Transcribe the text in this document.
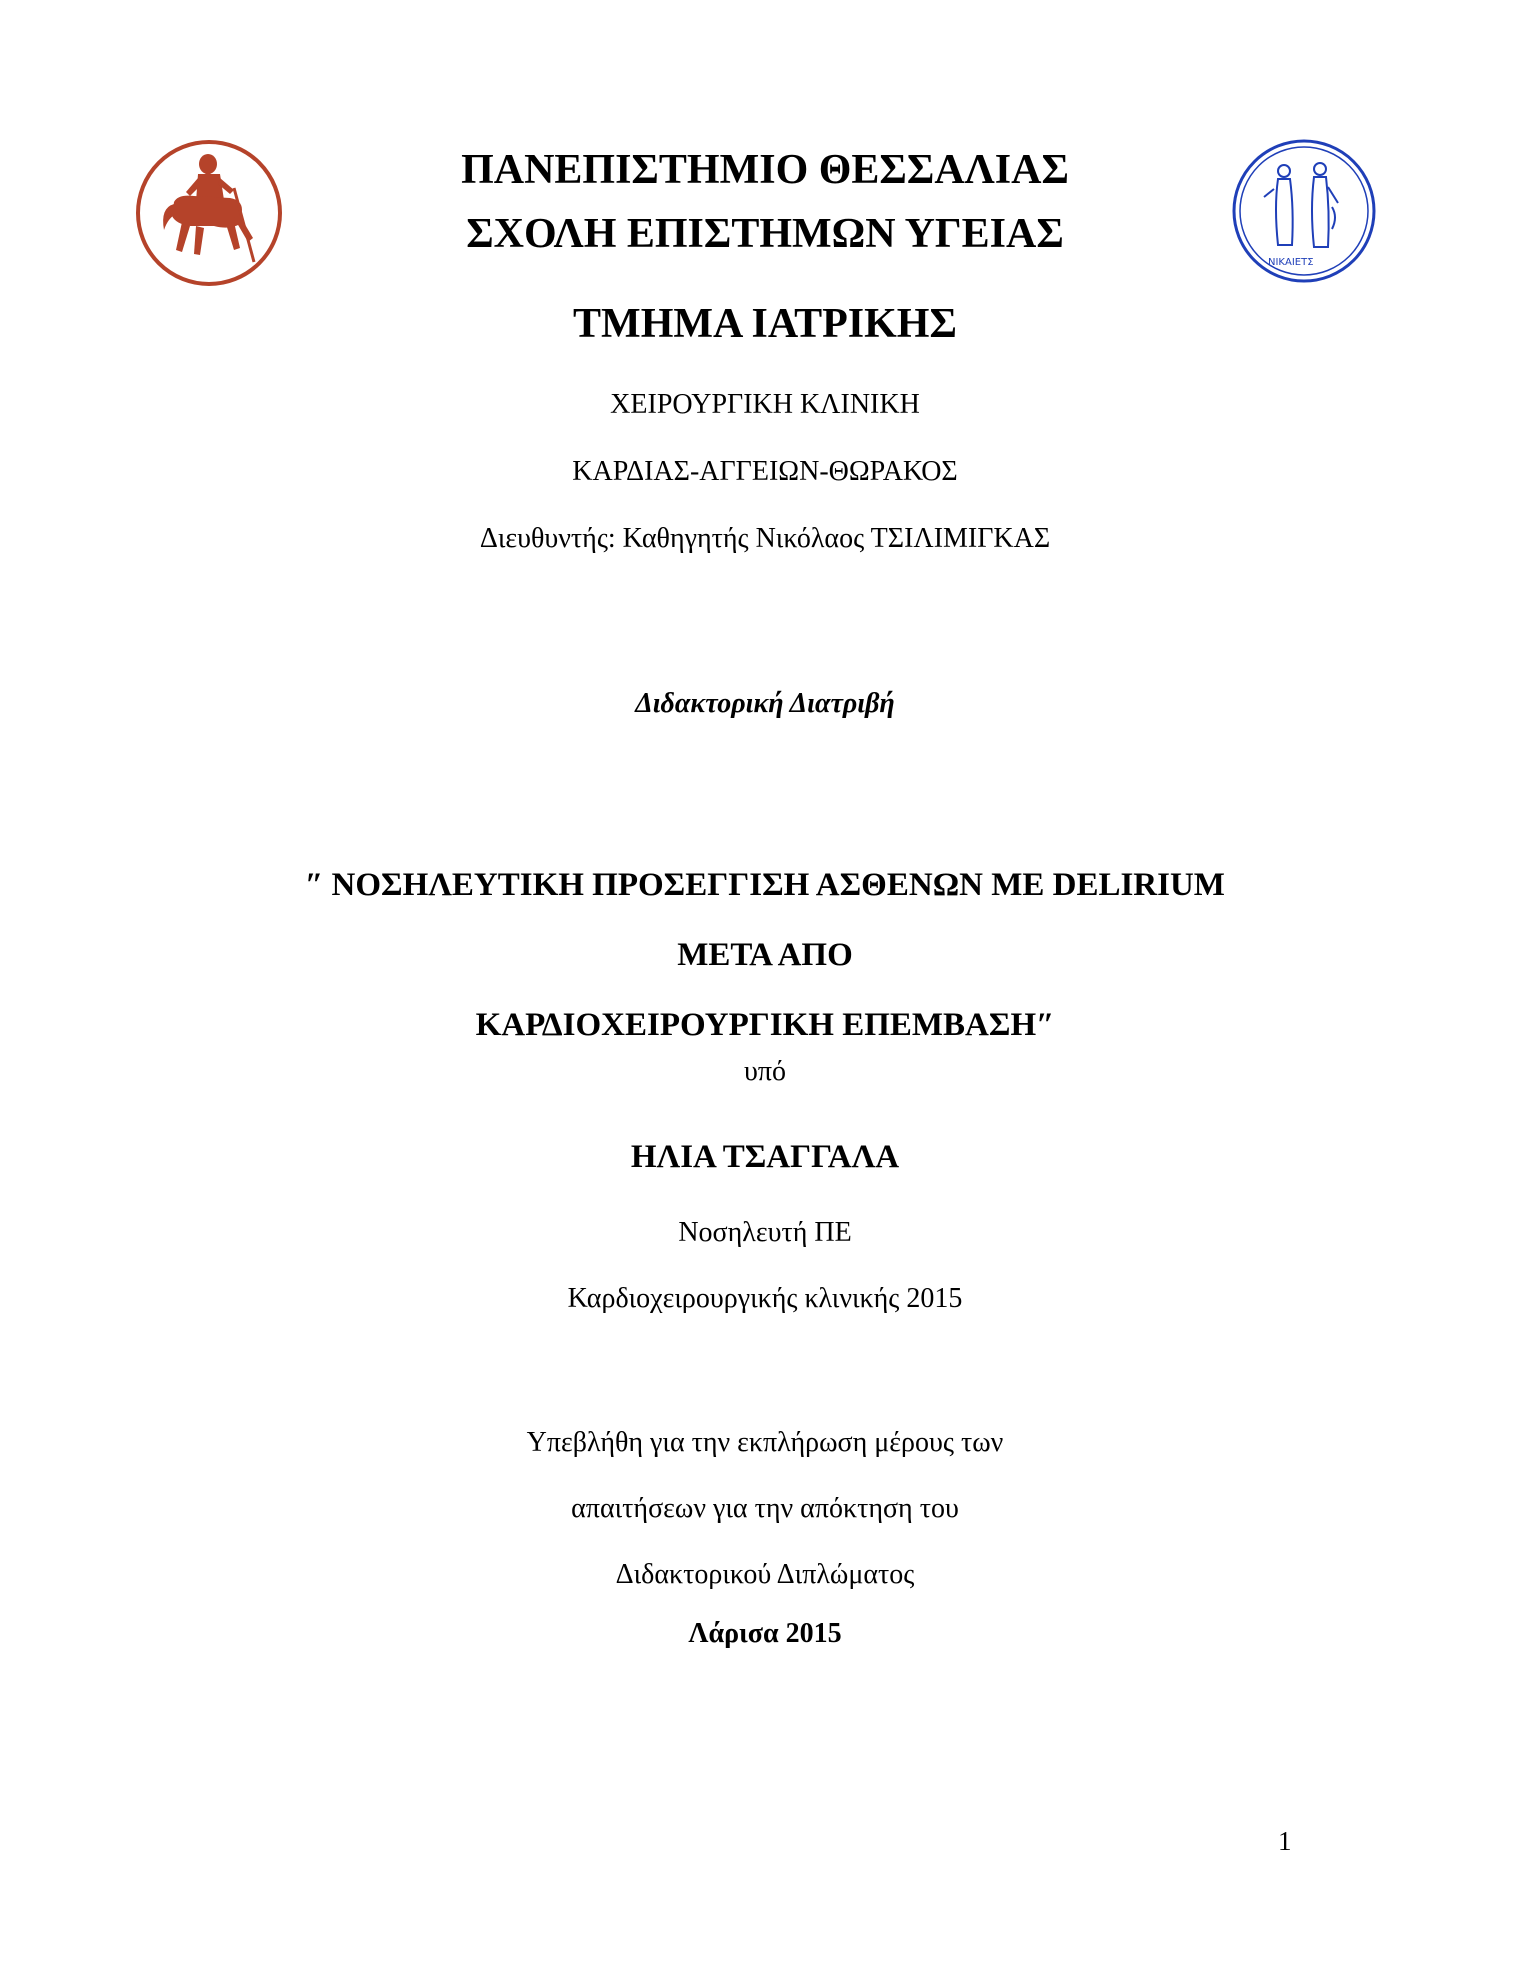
ΝΙΚΑΙΕΤΣ
ΠΑΝΕΠΙΣΤΗΜΙΟ ΘΕΣΣΑΛΙΑΣ
ΣΧΟΛΗ ΕΠΙΣΤΗΜΩΝ ΥΓΕΙΑΣ
ΤΜΗΜΑ ΙΑΤΡΙΚΗΣ
ΧΕΙΡΟΥΡΓΙΚΗ ΚΛΙΝΙΚΗ
ΚΑΡΔΙΑΣ-ΑΓΓΕΙΩΝ-ΘΩΡΑΚΟΣ
Διευθυντής: Καθηγητής Νικόλαος ΤΣΙΛΙΜΙΓΚΑΣ
Διδακτορική Διατριβή
″ ΝΟΣΗΛΕΥΤΙΚΗ ΠΡΟΣΕΓΓΙΣΗ ΑΣΘΕΝΩΝ ΜΕ DELIRIUM
ΜΕΤΑ ΑΠΟ
ΚΑΡΔΙΟΧΕΙΡΟΥΡΓΙΚΗ ΕΠΕΜΒΑΣΗ″
υπό
ΗΛΙΑ ΤΣΑΓΓΑΛΑ
Νοσηλευτή ΠΕ
Καρδιοχειρουργικής κλινικής 2015
Υπεβλήθη για την εκπλήρωση μέρους των
απαιτήσεων για την απόκτηση του
Διδακτορικού Διπλώματος
Λάρισα 2015
1
